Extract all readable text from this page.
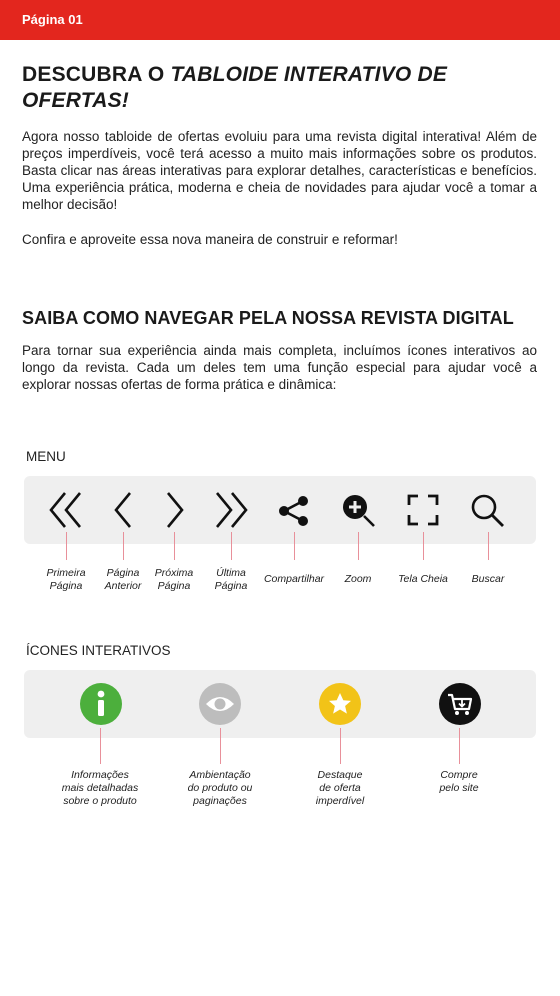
Página 01
DESCUBRA O TABLOIDE INTERATIVO DE OFERTAS!
Agora nosso tabloide de ofertas evoluiu para uma revista digital interativa! Além de preços imperdíveis, você terá acesso a muito mais informações sobre os produtos. Basta clicar nas áreas interativas para explorar detalhes, características e benefícios. Uma experiência prática, moderna e cheia de novidades para ajudar você a tomar a melhor decisão!
Confira e aproveite essa nova maneira de construir e reformar!
SAIBA COMO NAVEGAR PELA NOSSA REVISTA DIGITAL
Para tornar sua experiência ainda mais completa, incluímos ícones interativos ao longo da revista. Cada um deles tem uma função especial para ajudar você a explorar nossas ofertas de forma prática e dinâmica:
MENU
Primeira
Página
Página
Anterior
Próxima
Página
Última
Página
Compartilhar Zoom	Tela Cheia Buscar
ÍCONES INTERATIVOS
Informações
mais detalhadas
sobre o produto
Ambientação
do produto ou
paginações
Destaque
de oferta
imperdível
Compre
pelo site
